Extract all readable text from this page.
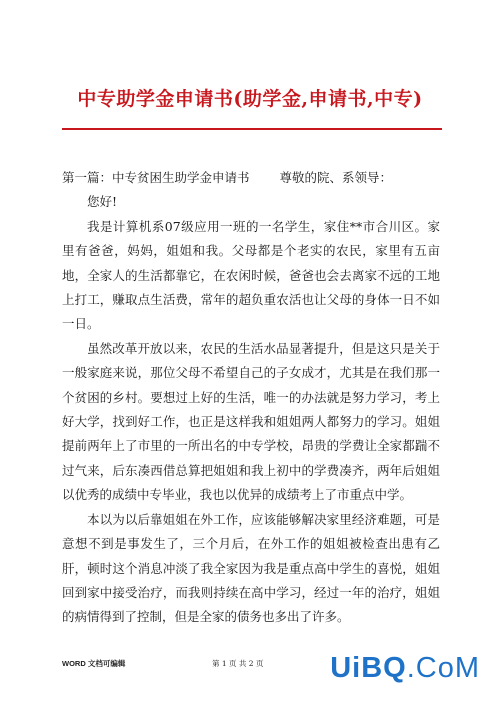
中专助学金申请书(助学金,申请书,中专)

第一篇：中专贫困生助学金申请书 尊敬的院、系领导：

您好!

我是计算机系07级应用一班的一名学生，家住**市合川区。家里有爸爸，妈妈，姐姐和我。父母都是个老实的农民，家里有五亩地，全家人的生活都靠它，在农闲时候，爸爸也会去离家不远的工地上打工，赚取点生活费，常年的超负重农活也让父母的身体一日不如一日。

虽然改革开放以来，农民的生活水品显著提升，但是这只是关于一般家庭来说，那位父母不希望自己的子女成才，尤其是在我们那一个贫困的乡村。要想过上好的生活，唯一的办法就是努力学习，考上好大学，找到好工作，也正是这样我和姐姐两人都努力的学习。姐姐提前两年上了市里的一所出名的中专学校，昂贵的学费让全家都踹不过气来，后东凑西借总算把姐姐和我上初中的学费凑齐，两年后姐姐以优秀的成绩中专毕业，我也以优异的成绩考上了市重点中学。

本以为以后靠姐姐在外工作，应该能够解决家里经济难题，可是意想不到是事发生了，三个月后，在外工作的姐姐被检查出患有乙肝，顿时这个消息冲淡了我全家因为我是重点高中学生的喜悦，姐姐回到家中接受治疗，而我则持续在高中学习，经过一年的治疗，姐姐的病情得到了控制，但是全家的债务也多出了许多。

WORD 文档可编辑	第 1 页 共 2 页 UiBQ.CoM
